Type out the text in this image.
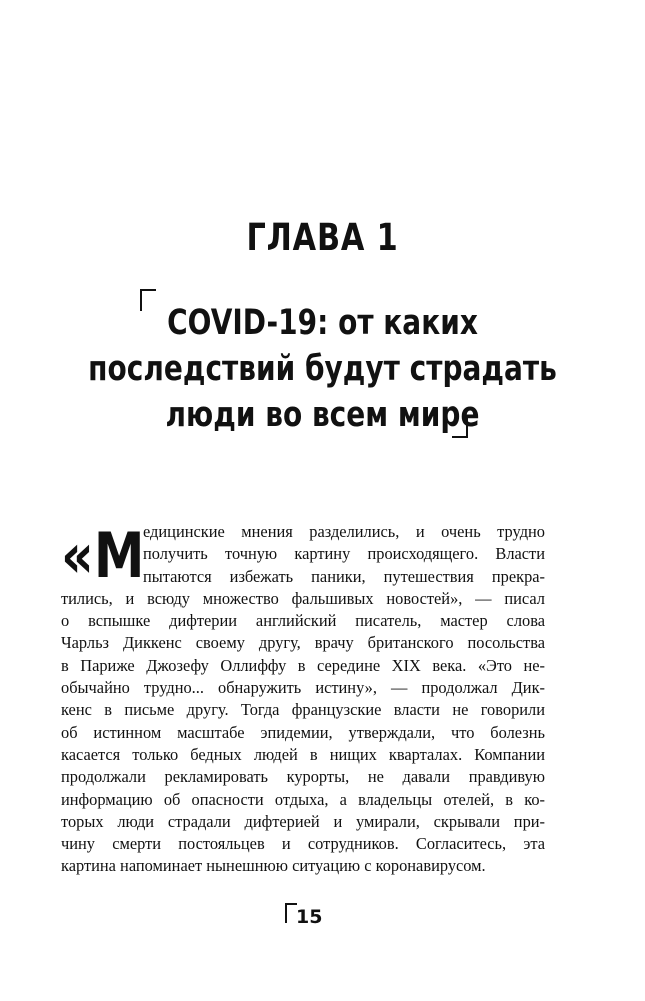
ГЛАВА 1
COVID-19: от каких
последствий будут страдать
люди во всем мире
«М
едицинские мнения разделились, и очень трудно
получить точную картину происходящего. Власти
пытаются избежать паники, путешествия прекра-
тились, и всюду множество фальшивых новостей», — писал
о вспышке дифтерии английский писатель, мастер слова
Чарльз Диккенс своему другу, врачу британского посольства
в Париже Джозефу Оллиффу в середине XIX века. «Это не-
обычайно трудно... обнаружить истину», — продолжал Дик-
кенс в письме другу. Тогда французские власти не говорили
об истинном масштабе эпидемии, утверждали, что болезнь
касается только бедных людей в нищих кварталах. Компании
продолжали рекламировать курорты, не давали правдивую
информацию об опасности отдыха, а владельцы отелей, в ко-
торых люди страдали дифтерией и умирали, скрывали при-
чину смерти постояльцев и сотрудников. Согласитесь, эта
картина напоминает нынешнюю ситуацию с коронавирусом.
15
